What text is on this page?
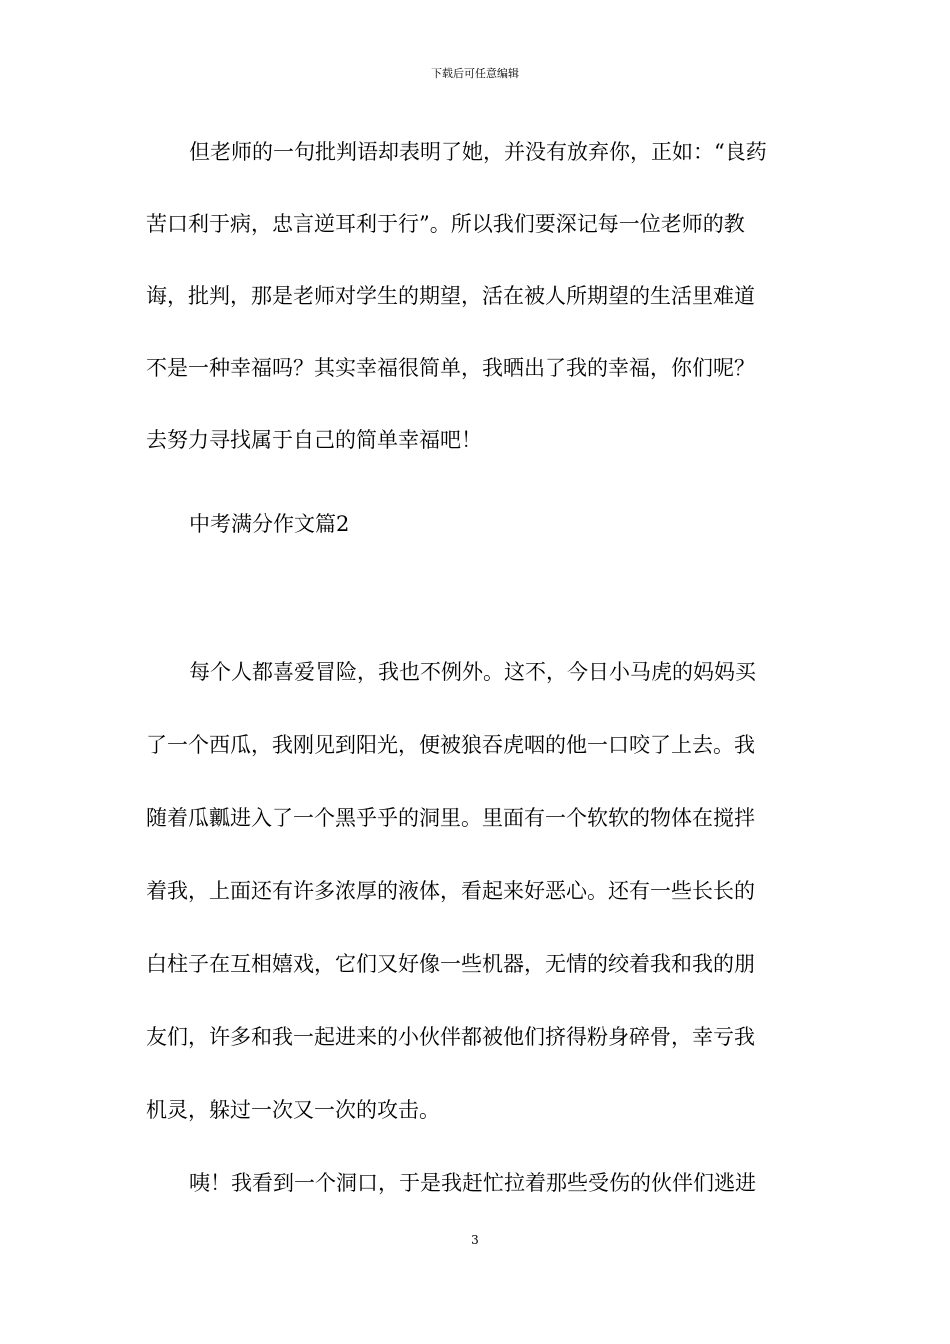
下载后可任意编辑
但老师的一句批判语却表明了她，并没有放弃你，正如：“良药
苦口利于病，忠言逆耳利于行”。所以我们要深记每一位老师的教
诲，批判，那是老师对学生的期望，活在被人所期望的生活里难道
不是一种幸福吗？其实幸福很简单，我晒出了我的幸福，你们呢？
去努力寻找属于自己的简单幸福吧！
中考满分作文篇2
每个人都喜爱冒险，我也不例外。这不，今日小马虎的妈妈买
了一个西瓜，我刚见到阳光，便被狼吞虎咽的他一口咬了上去。我
随着瓜瓤进入了一个黑乎乎的洞里。里面有一个软软的物体在搅拌
着我，上面还有许多浓厚的液体，看起来好恶心。还有一些长长的
白柱子在互相嬉戏，它们又好像一些机器，无情的绞着我和我的朋
友们，许多和我一起进来的小伙伴都被他们挤得粉身碎骨，幸亏我
机灵，躲过一次又一次的攻击。
咦！我看到一个洞口，于是我赶忙拉着那些受伤的伙伴们逃进
3
